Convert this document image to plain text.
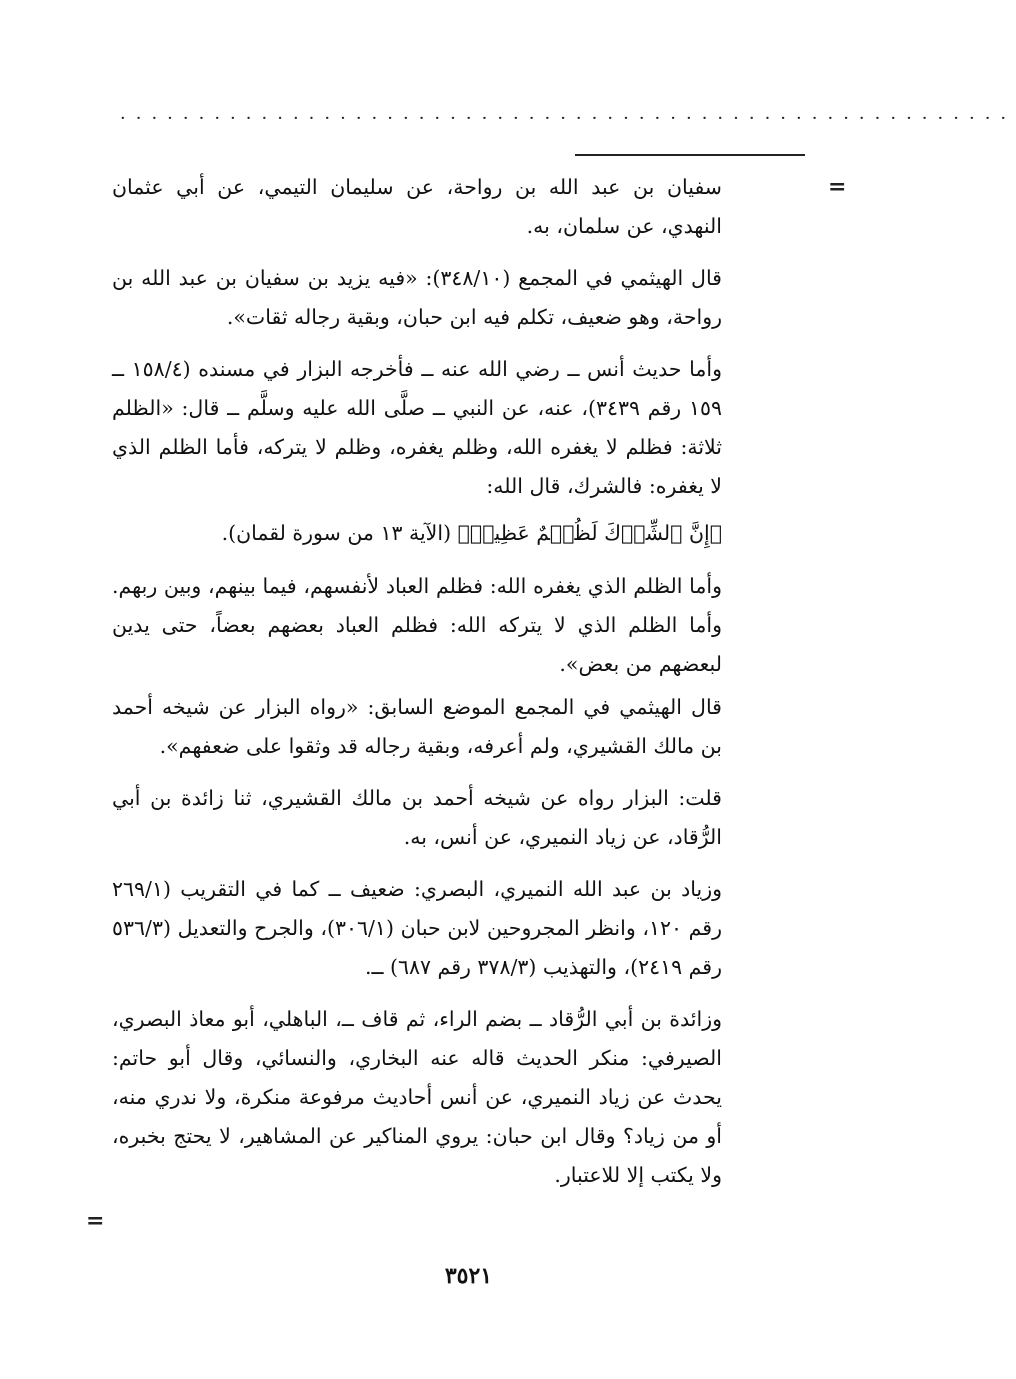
·························································
=

سفيان بن عبد الله بن رواحة، عن سليمان التيمي، عن أبي عثمان النهدي، عن سلمان، به.

قال الهيثمي في المجمع (٣٤٨/١٠): «فيه يزيد بن سفيان بن عبد الله بن رواحة، وهو ضعيف، تكلم فيه ابن حبان، وبقية رجاله ثقات».

وأما حديث أنس ــ رضي الله عنه ــ فأخرجه البزار في مسنده (١٥٨/٤ ــ ١٥٩ رقم ٣٤٣٩)، عنه، عن النبي ــ صلَّى الله عليه وسلَّم ــ قال: «الظلم ثلاثة: فظلم لا يغفره الله، وظلم يغفره، وظلم لا يتركه، فأما الظلم الذي لا يغفره: فالشرك، قال الله:

﴿إِنَّ ٱلشِّرۡكَ لَظُلۡمٌ عَظِيمٞ﴾ (الآية ١٣ من سورة لقمان).

وأما الظلم الذي يغفره الله: فظلم العباد لأنفسهم، فيما بينهم، وبين ربهم. وأما الظلم الذي لا يتركه الله: فظلم العباد بعضهم بعضاً، حتى يدين لبعضهم من بعض».

قال الهيثمي في المجمع الموضع السابق: «رواه البزار عن شيخه أحمد بن مالك القشيري، ولم أعرفه، وبقية رجاله قد وثقوا على ضعفهم».

قلت: البزار رواه عن شيخه أحمد بن مالك القشيري، ثنا زائدة بن أبي الرُّقاد، عن زياد النميري، عن أنس، به.

وزياد بن عبد الله النميري، البصري: ضعيف ــ كما في التقريب (٢٦٩/١ رقم ١٢٠، وانظر المجروحين لابن حبان (٣٠٦/١)، والجرح والتعديل (٥٣٦/٣ رقم ٢٤١٩)، والتهذيب (٣٧٨/٣ رقم ٦٨٧) ــ.

وزائدة بن أبي الرُّقاد ــ بضم الراء، ثم قاف ــ، الباهلي، أبو معاذ البصري، الصيرفي: منكر الحديث قاله عنه البخاري، والنسائي، وقال أبو حاتم: يحدث عن زياد النميري، عن أنس أحاديث مرفوعة منكرة، ولا ندري منه، أو من زياد؟ وقال ابن حبان: يروي المناكير عن المشاهير، لا يحتج بخبره، ولا يكتب إلا للاعتبار.

=
٣٥٢١
